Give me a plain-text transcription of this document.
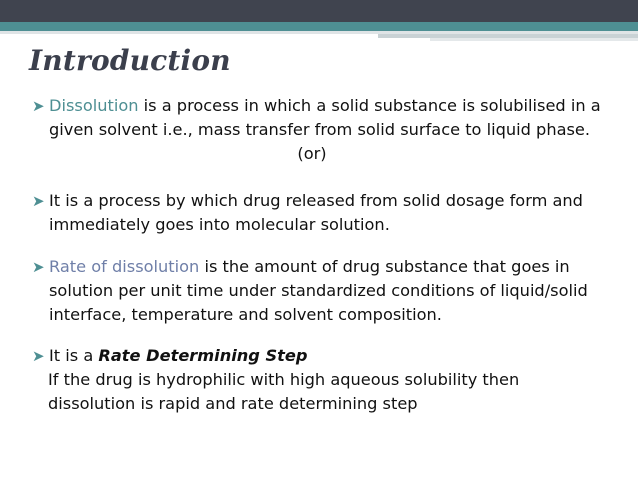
Introduction
➤ Dissolution is a process in which a solid substance is solubilised in a given solvent i.e., mass transfer from solid surface to liquid phase.
(or)
➤ It is a process by which drug released from solid dosage form and immediately goes into molecular solution.
➤ Rate of dissolution is the amount of drug substance that goes in solution per unit time under standardized conditions of liquid/solid interface, temperature and solvent composition.
➤ It is a Rate Determining Step
If the drug is hydrophilic with high aqueous solubility then
dissolution is rapid and rate determining step
